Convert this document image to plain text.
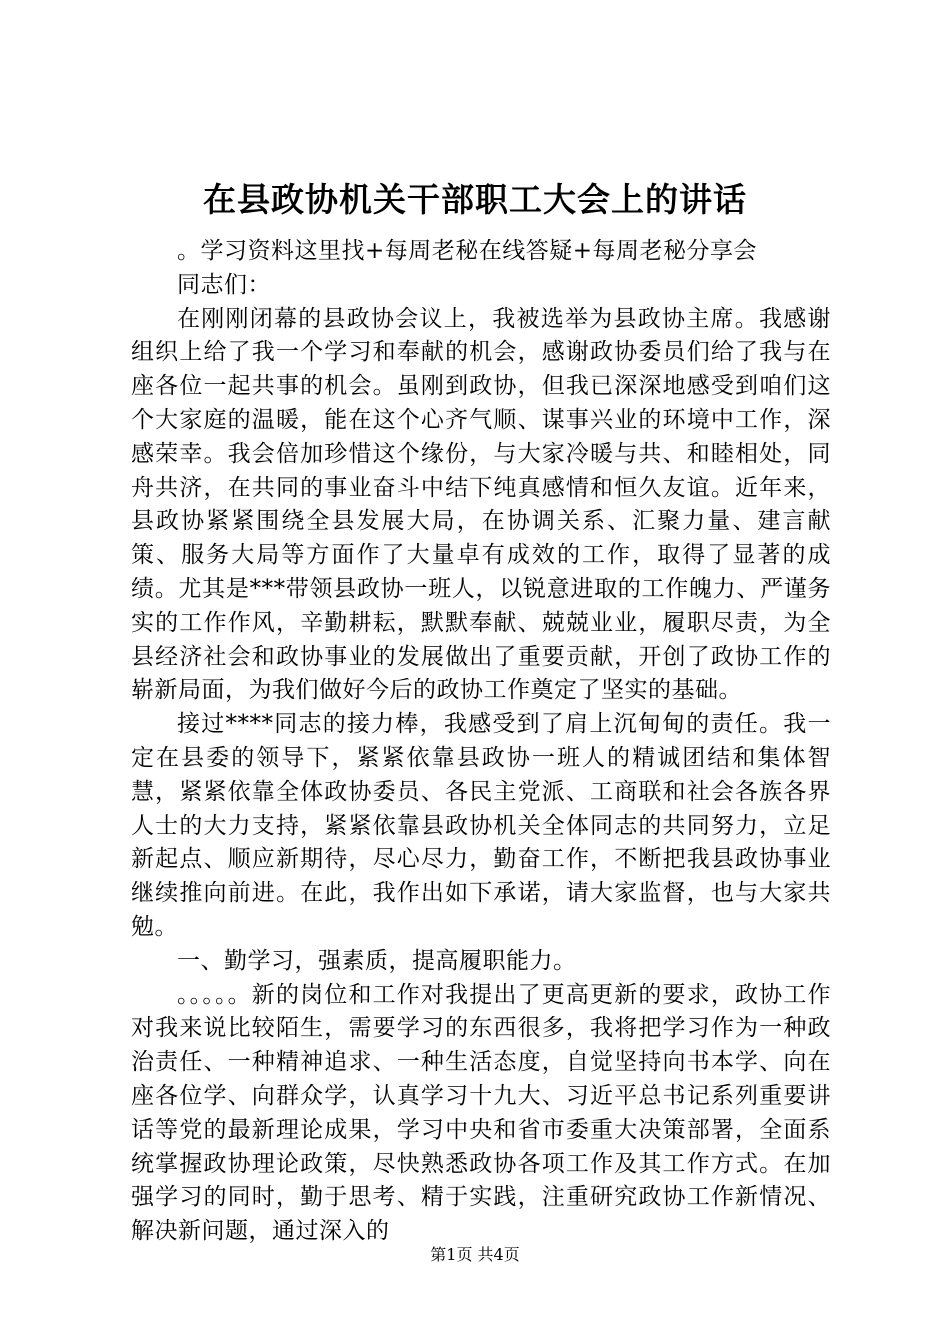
在县政协机关干部职工大会上的讲话

。学习资料这里找+每周老秘在线答疑+每周老秘分享会

同志们：

在刚刚闭幕的县政协会议上，我被选举为县政协主席。我感谢组织上给了我一个学习和奉献的机会，感谢政协委员们给了我与在座各位一起共事的机会。虽刚到政协，但我已深深地感受到咱们这个大家庭的温暖，能在这个心齐气顺、谋事兴业的环境中工作，深感荣幸。我会倍加珍惜这个缘份，与大家冷暖与共、和睦相处，同舟共济，在共同的事业奋斗中结下纯真感情和恒久友谊。近年来，县政协紧紧围绕全县发展大局，在协调关系、汇聚力量、建言献策、服务大局等方面作了大量卓有成效的工作，取得了显著的成绩。尤其是***带领县政协一班人，以锐意进取的工作魄力、严谨务实的工作作风，辛勤耕耘，默默奉献、兢兢业业，履职尽责，为全县经济社会和政协事业的发展做出了重要贡献，开创了政协工作的崭新局面，为我们做好今后的政协工作奠定了坚实的基础。

接过****同志的接力棒，我感受到了肩上沉甸甸的责任。我一定在县委的领导下，紧紧依靠县政协一班人的精诚团结和集体智慧，紧紧依靠全体政协委员、各民主党派、工商联和社会各族各界人士的大力支持，紧紧依靠县政协机关全体同志的共同努力，立足新起点、顺应新期待，尽心尽力，勤奋工作，不断把我县政协事业继续推向前进。在此，我作出如下承诺，请大家监督，也与大家共勉。

一、勤学习，强素质，提高履职能力。

。。。。。新的岗位和工作对我提出了更高更新的要求，政协工作对我来说比较陌生，需要学习的东西很多，我将把学习作为一种政治责任、一种精神追求、一种生活态度，自觉坚持向书本学、向在座各位学、向群众学，认真学习十九大、习近平总书记系列重要讲话等党的最新理论成果，学习中央和省市委重大决策部署，全面系统掌握政协理论政策，尽快熟悉政协各项工作及其工作方式。在加强学习的同时，勤于思考、精于实践，注重研究政协工作新情况、解决新问题，通过深入的

第1页 共4页
